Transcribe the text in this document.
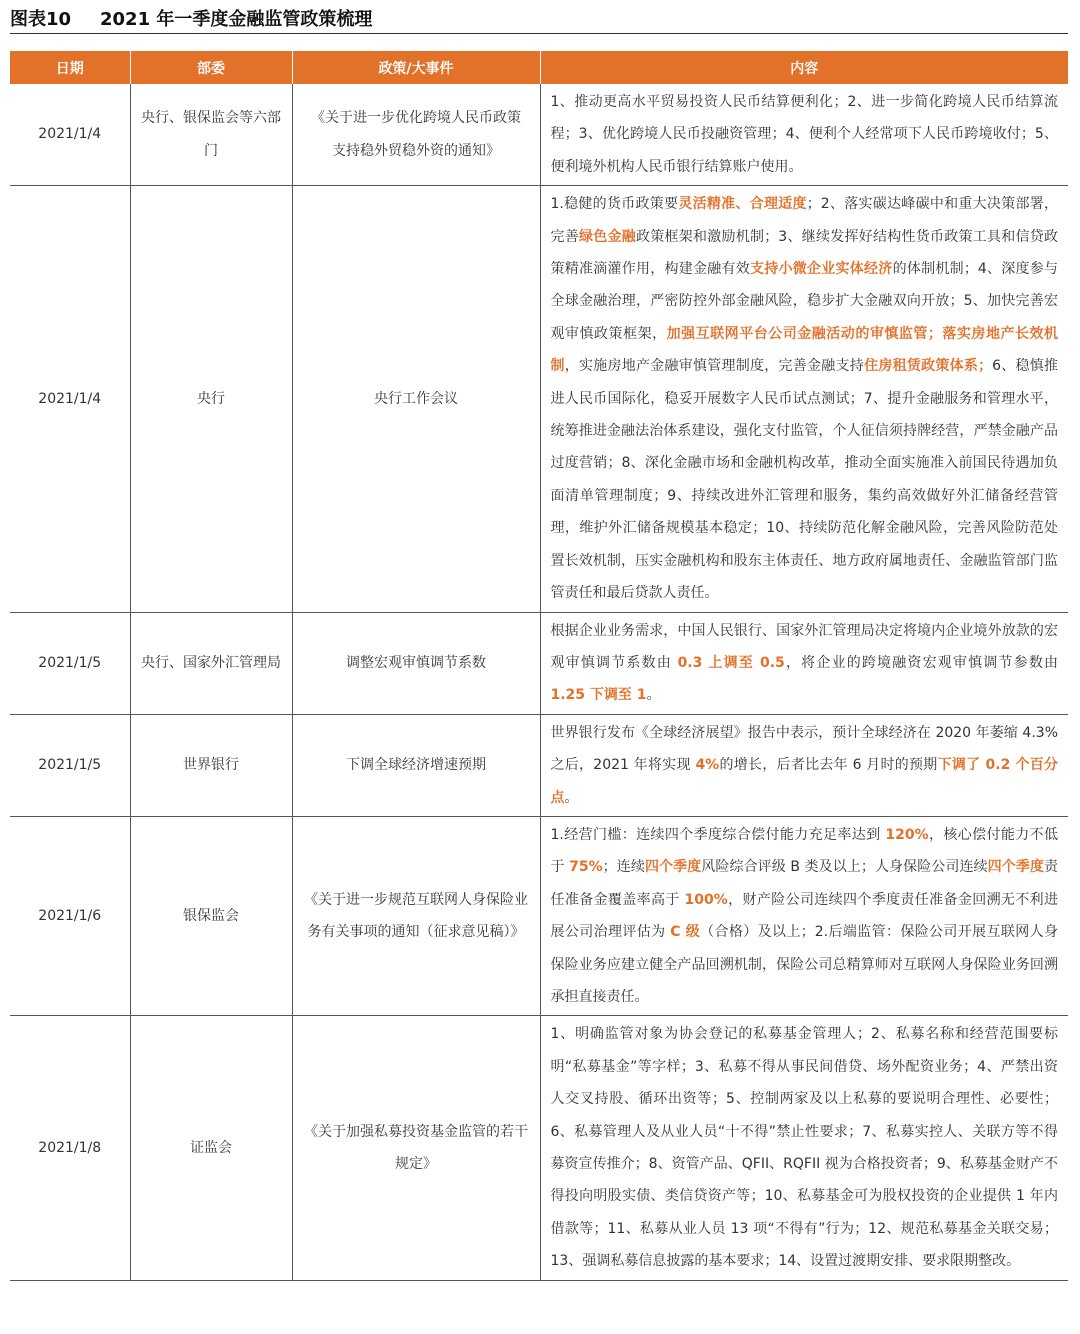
图表10 2021 年一季度金融监管政策梳理
日期	部委	政策/大事件	内容
2021/1/4	央行、银保监会等六部门	《关于进一步优化跨境人民币政策 支持稳外贸稳外资的通知》	1、推动更高水平贸易投资人民币结算便利化；2、进一步简化跨境人民币结算流程；3、优化跨境人民币投融资管理；4、便利个人经常项下人民币跨境收付；5、便利境外机构人民币银行结算账户使用。
2021/1/4	央行	央行工作会议	1.稳健的货币政策要灵活精准、合理适度；2、落实碳达峰碳中和重大决策部署，完善绿色金融政策框架和激励机制；3、继续发挥好结构性货币政策工具和信贷政策精准滴灌作用，构建金融有效支持小微企业实体经济的体制机制；4、深度参与全球金融治理，严密防控外部金融风险，稳步扩大金融双向开放；5、加快完善宏观审慎政策框架，加强互联网平台公司金融活动的审慎监管；落实房地产长效机制，实施房地产金融审慎管理制度，完善金融支持住房租赁政策体系；6、稳慎推进人民币国际化，稳妥开展数字人民币试点测试；7、提升金融服务和管理水平，统筹推进金融法治体系建设，强化支付监管，个人征信须持牌经营，严禁金融产品过度营销；8、深化金融市场和金融机构改革，推动全面实施准入前国民待遇加负面清单管理制度；9、持续改进外汇管理和服务，集约高效做好外汇储备经营管理，维护外汇储备规模基本稳定；10、持续防范化解金融风险，完善风险防范处置长效机制，压实金融机构和股东主体责任、地方政府属地责任、金融监管部门监管责任和最后贷款人责任。
2021/1/5	央行、国家外汇管理局	调整宏观审慎调节系数	根据企业业务需求，中国人民银行、国家外汇管理局决定将境内企业境外放款的宏观审慎调节系数由 0.3 上调至 0.5，将企业的跨境融资宏观审慎调节参数由 1.25 下调至 1。
2021/1/5	世界银行	下调全球经济增速预期	世界银行发布《全球经济展望》报告中表示，预计全球经济在 2020 年萎缩 4.3%之后，2021 年将实现 4%的增长，后者比去年 6 月时的预期下调了 0.2 个百分点。
2021/1/6	银保监会	《关于进一步规范互联网人身保险业务有关事项的通知（征求意见稿）》	1.经营门槛：连续四个季度综合偿付能力充足率达到 120%，核心偿付能力不低于 75%；连续四个季度风险综合评级 B 类及以上；人身保险公司连续四个季度责任准备金覆盖率高于 100%，财产险公司连续四个季度责任准备金回溯无不利进展公司治理评估为 C 级（合格）及以上；2.后端监管：保险公司开展互联网人身保险业务应建立健全产品回溯机制，保险公司总精算师对互联网人身保险业务回溯承担直接责任。
2021/1/8	证监会	《关于加强私募投资基金监管的若干规定》	1、明确监管对象为协会登记的私募基金管理人；2、私募名称和经营范围要标明“私募基金”等字样；3、私募不得从事民间借贷、场外配资业务；4、严禁出资人交叉持股、循环出资等；5、控制两家及以上私募的要说明合理性、必要性；6、私募管理人及从业人员“十不得”禁止性要求；7、私募实控人、关联方等不得募资宣传推介；8、资管产品、QFII、RQFII 视为合格投资者；9、私募基金财产不得投向明股实债、类信贷资产等；10、私募基金可为股权投资的企业提供 1 年内借款等；11、私募从业人员 13 项“不得有”行为；12、规范私募基金关联交易；13、强调私募信息披露的基本要求；14、设置过渡期安排、要求限期整改。
